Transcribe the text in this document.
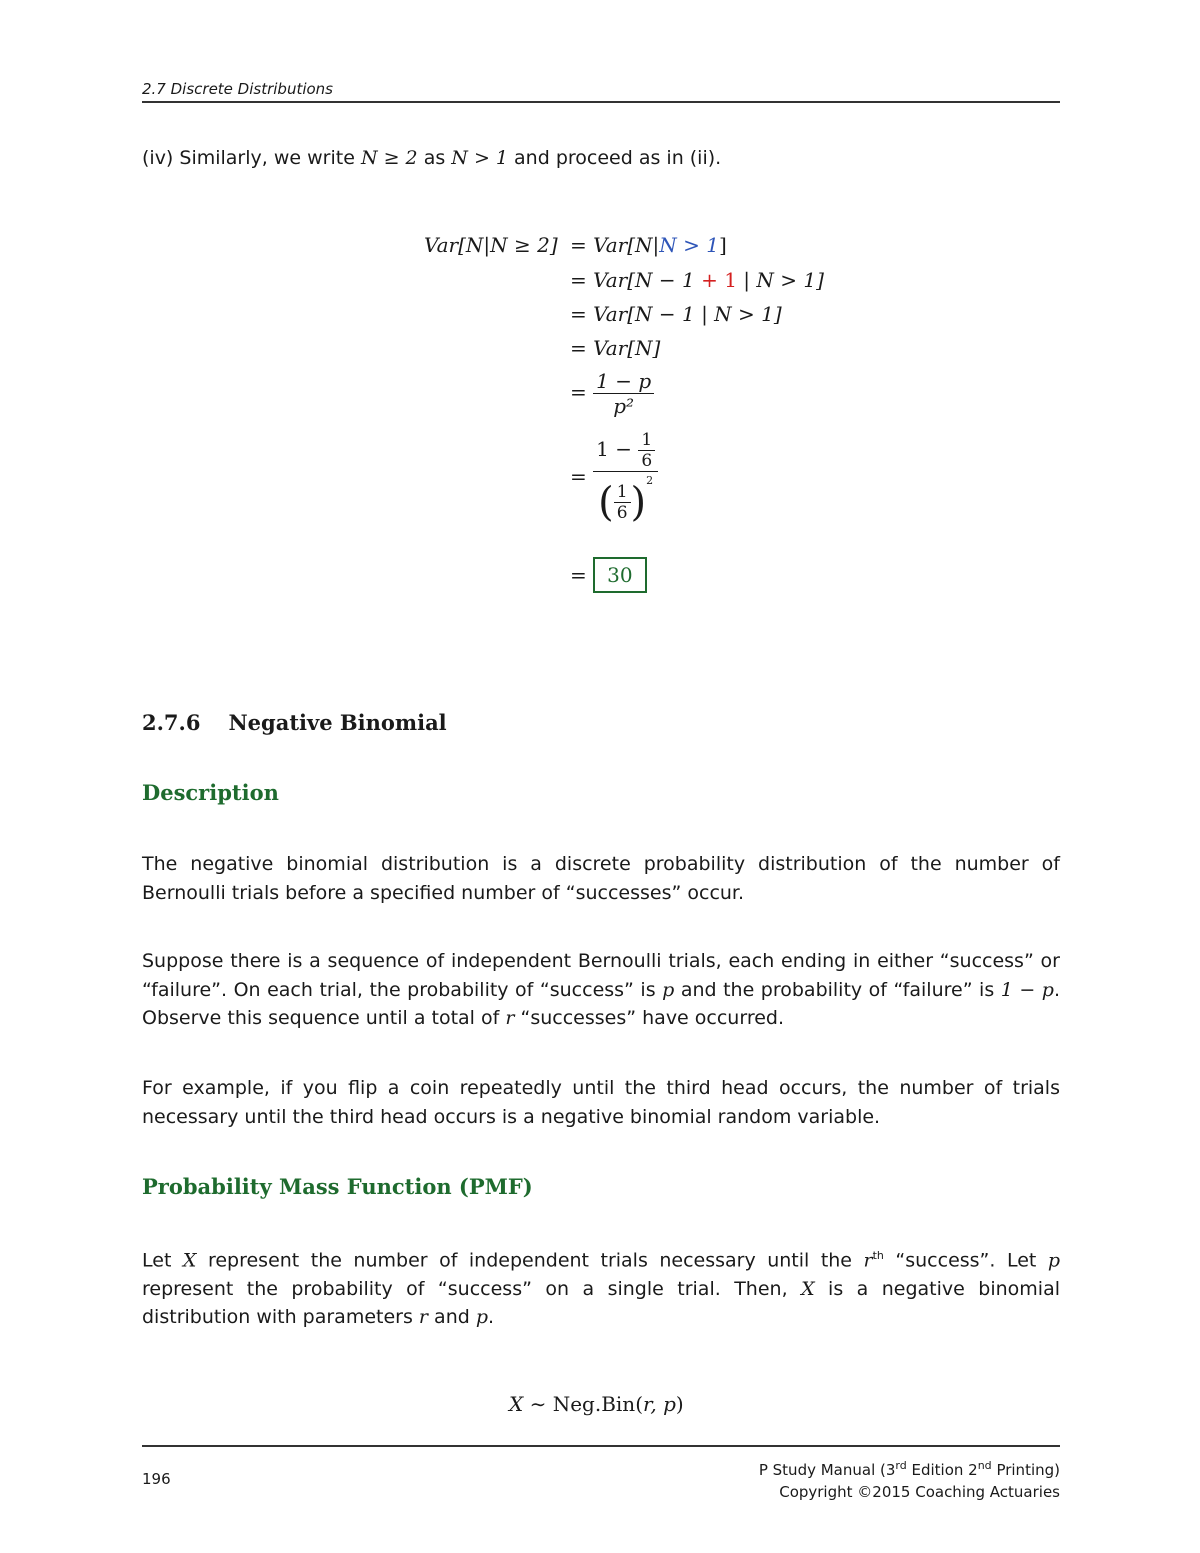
2.7 Discrete Distributions
(iv) Similarly, we write N ≥ 2 as N > 1 and proceed as in (ii).
Var[N|N ≥ 2] = Var[N|N > 1]
= Var[N − 1 + 1 | N > 1]
= Var[N − 1 | N > 1]
= Var[N]
= $\frac{1 - p}{\text{p²}}$
= $\frac{1 - \frac{1}{6}}{( \frac{1}{6} )^2}$
= 30
2.7.6 Negative Binomial
Description
The negative binomial distribution is a discrete probability distribution of the number of Bernoulli trials before a specified number of “successes” occur.
Suppose there is a sequence of independent Bernoulli trials, each ending in either “success” or “failure”. On each trial, the probability of “success” is p and the probability of “failure” is 1 − p. Observe this sequence until a total of r “successes” have occurred.
For example, if you flip a coin repeatedly until the third head occurs, the number of trials necessary until the third head occurs is a negative binomial random variable.
Probability Mass Function (PMF)
Let X represent the number of independent trials necessary until the $r^{th}$ “success”. Let p represent the probability of “success” on a single trial. Then, X is a negative binomial distribution with parameters r and p.
X ∼ Neg.Bin(r, p)
196	P Study Manual (3rd Edition 2nd Printing)
Copyright ©2015 Coaching Actuaries
